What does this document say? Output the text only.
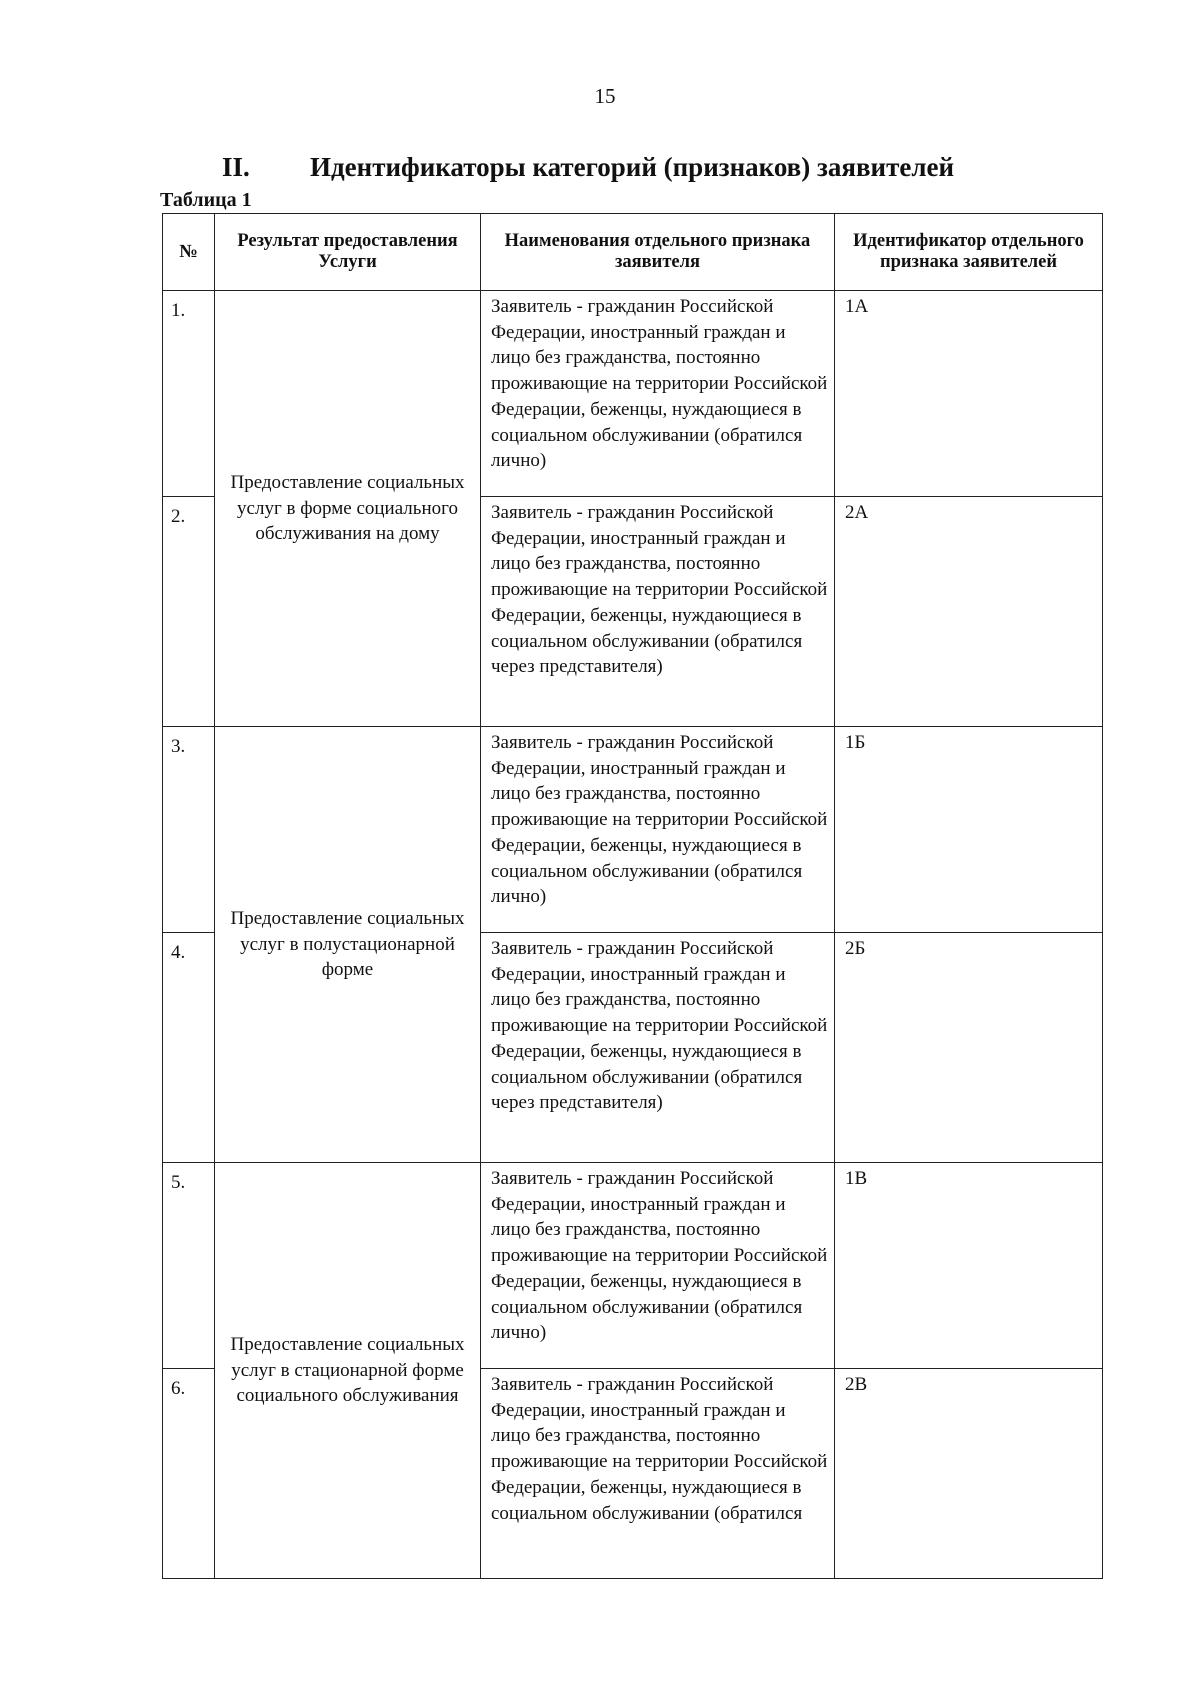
15
II. Идентификаторы категорий (признаков) заявителей
Таблица 1
№	Результат предоставления Услуги	Наименования отдельного признака заявителя	Идентификатор отдельного признака заявителей
1.	Предоставление социальных услуг в форме социального обслуживания на дому	Заявитель - гражданин Российской Федерации, иностранный граждан и лицо без гражданства, постоянно проживающие на территории Российской Федерации, беженцы, нуждающиеся в социальном обслуживании (обратился лично)	1А
2.		Заявитель - гражданин Российской Федерации, иностранный граждан и лицо без гражданства, постоянно проживающие на территории Российской Федерации, беженцы, нуждающиеся в социальном обслуживании (обратился через представителя)	2А
3.	Предоставление социальных услуг в полустационарной форме	Заявитель - гражданин Российской Федерации, иностранный граждан и лицо без гражданства, постоянно проживающие на территории Российской Федерации, беженцы, нуждающиеся в социальном обслуживании (обратился лично)	1Б
4.		Заявитель - гражданин Российской Федерации, иностранный граждан и лицо без гражданства, постоянно проживающие на территории Российской Федерации, беженцы, нуждающиеся в социальном обслуживании (обратился через представителя)	2Б
5.	Предоставление социальных услуг в стационарной форме социального обслуживания	Заявитель - гражданин Российской Федерации, иностранный граждан и лицо без гражданства, постоянно проживающие на территории Российской Федерации, беженцы, нуждающиеся в социальном обслуживании (обратился лично)	1В
6.		Заявитель - гражданин Российской Федерации, иностранный граждан и лицо без гражданства, постоянно проживающие на территории Российской Федерации, беженцы, нуждающиеся в социальном обслуживании (обратился	2В
